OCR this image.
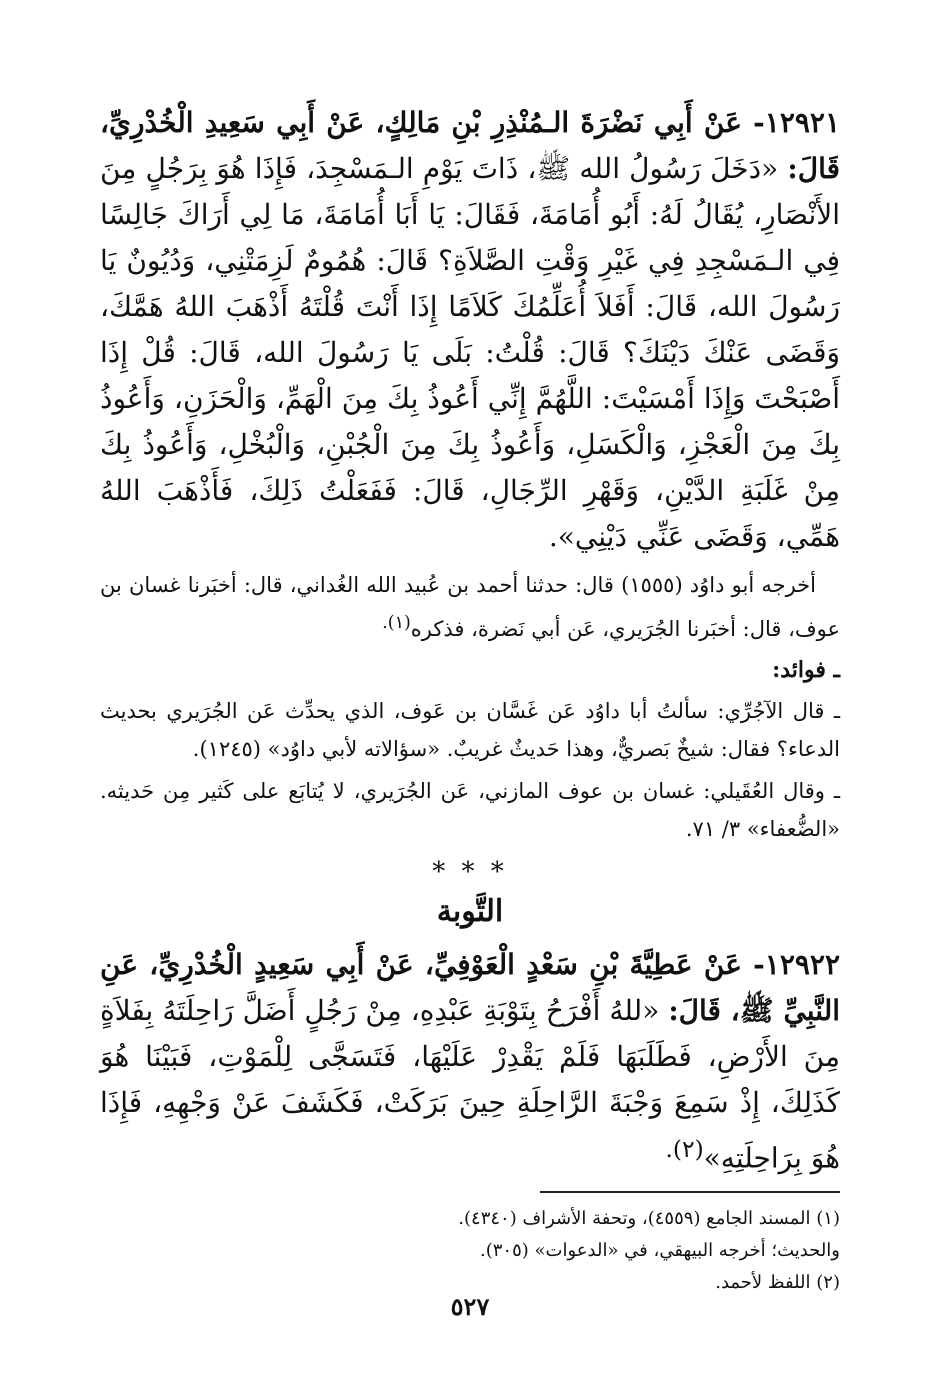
١٢٩٢١- عَنْ أَبِي نَضْرَةَ الـمُنْذِرِ بْنِ مَالِكٍ، عَنْ أَبِي سَعِيدِ الْخُدْرِيِّ، قَالَ: «دَخَلَ رَسُولُ الله ﷺ، ذَاتَ يَوْمِ الـمَسْجِدَ، فَإِذَا هُوَ بِرَجُلٍ مِنَ الأَنْصَارِ، يُقَالُ لَهُ: أَبُو أُمَامَةَ، فَقَالَ: يَا أَبَا أُمَامَةَ، مَا لِي أَرَاكَ جَالِسًا فِي الـمَسْجِدِ فِي غَيْرِ وَقْتِ الصَّلاَةِ؟ قَالَ: هُمُومٌ لَزِمَتْنِي، وَدُيُونٌ يَا رَسُولَ الله، قَالَ: أَفَلاَ أُعَلِّمُكَ كَلاَمًا إِذَا أَنْتَ قُلْتَهُ أَذْهَبَ اللهُ هَمَّكَ، وَقَضَى عَنْكَ دَيْنَكَ؟ قَالَ: قُلْتُ: بَلَى يَا رَسُولَ الله، قَالَ: قُلْ إِذَا أَصْبَحْتَ وَإِذَا أَمْسَيْتَ: اللَّهُمَّ إِنِّي أَعُوذُ بِكَ مِنَ الْهَمِّ، وَالْحَزَنِ، وَأَعُوذُ بِكَ مِنَ الْعَجْزِ، وَالْكَسَلِ، وَأَعُوذُ بِكَ مِنَ الْجُبْنِ، وَالْبُخْلِ، وَأَعُوذُ بِكَ مِنْ غَلَبَةِ الدَّيْنِ، وَقَهْرِ الرِّجَالِ، قَالَ: فَفَعَلْتُ ذَلِكَ، فَأَذْهَبَ اللهُ هَمِّي، وَقَضَى عَنِّي دَيْنِي».

أخرجه أبو داوُد (١٥٥٥) قال: حدثنا أحمد بن عُبيد الله الغُداني، قال: أخبَرنا غسان بن عوف، قال: أخبَرنا الجُرَيري، عَن أبي نَضرة، فذكره$^{(١).}$

ـ فوائد:

ـ قال الآجُرِّي: سألتُ أبا داوُد عَن غَسَّان بن عَوف، الذي يحدِّث عَن الجُرَيري بحديث الدعاء؟ فقال: شيخٌ بَصريٌّ، وهذا حَديثٌ غريبٌ. «سؤالاته لأبي داوُد» (١٢٤٥).

ـ وقال العُقَيلي: غسان بن عوف المازني، عَن الجُرَيري، لا يُتابَع على كَثير مِن حَديثه. «الضُّعفاء» ٣/ ٧١.

* * *
التَّوبة

١٢٩٢٢- عَنْ عَطِيَّةَ بْنِ سَعْدٍ الْعَوْفِيِّ، عَنْ أَبِي سَعِيدٍ الْخُدْرِيِّ، عَنِ النَّبِيِّ ﷺ، قَالَ: «للهُ أَفْرَحُ بِتَوْبَةِ عَبْدِهِ، مِنْ رَجُلٍ أَضَلَّ رَاحِلَتَهُ بِفَلاَةٍ مِنَ الأَرْضِ، فَطَلَبَهَا فَلَمْ يَقْدِرْ عَلَيْهَا، فَتَسَجَّى لِلْمَوْتِ، فَبَيْنَا هُوَ كَذَلِكَ، إِذْ سَمِعَ وَجْبَةَ الرَّاحِلَةِ حِينَ بَرَكَتْ، فَكَشَفَ عَنْ وَجْهِهِ، فَإِذَا هُوَ بِرَاحِلَتِهِ»$^{(٢).}$

(١) المسند الجامع (٤٥٥٩)، وتحفة الأشراف (٤٣٤٠).

والحديث؛ أخرجه البيهقي، في «الدعوات» (٣٠٥).

(٢) اللفظ لأحمد.

٥٢٧
